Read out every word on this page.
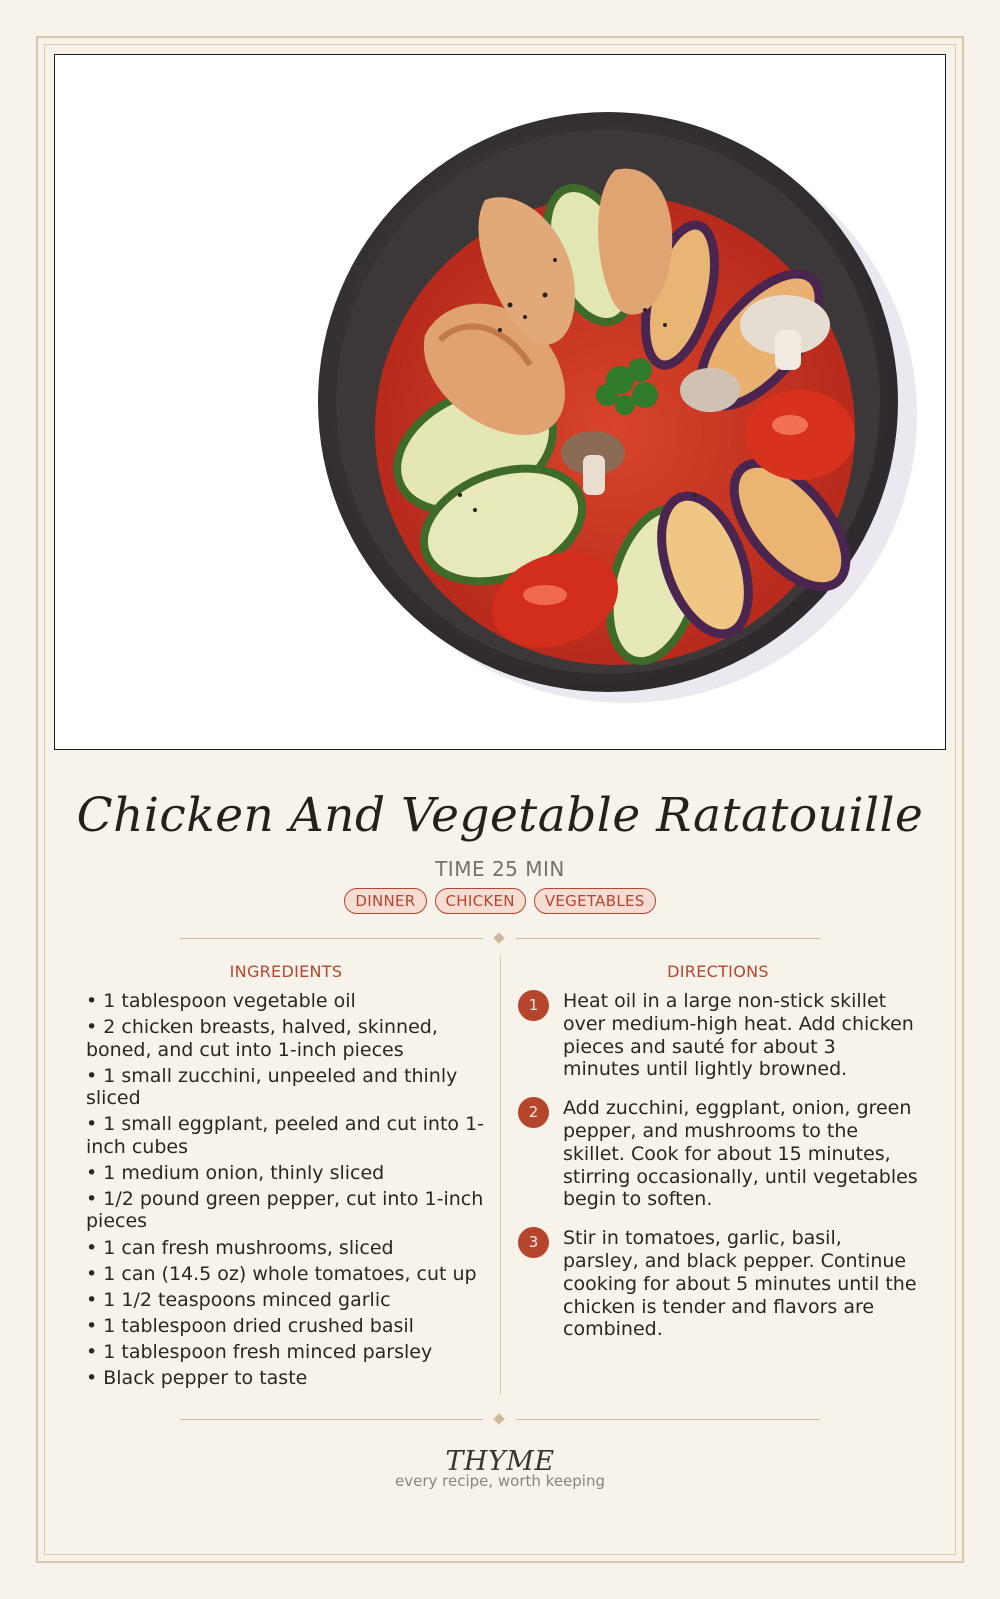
Chicken And Vegetable Ratatouille
TIME 25 MIN
DINNER	CHICKEN	VEGETABLES
INGREDIENTS	DIRECTIONS
• 1 tablespoon vegetable oil
• 2 chicken breasts, halved, skinned, boned, and cut into 1-inch pieces
• 1 small zucchini, unpeeled and thinly sliced
• 1 small eggplant, peeled and cut into 1-inch cubes
• 1 medium onion, thinly sliced
• 1/2 pound green pepper, cut into 1-inch pieces
• 1 can fresh mushrooms, sliced
• 1 can (14.5 oz) whole tomatoes, cut up
• 1 1/2 teaspoons minced garlic
• 1 tablespoon dried crushed basil
• 1 tablespoon fresh minced parsley
• Black pepper to taste
1	Heat oil in a large non-stick skillet over medium-high heat. Add chicken pieces and sauté for about 3 minutes until lightly browned.
2	Add zucchini, eggplant, onion, green pepper, and mushrooms to the skillet. Cook for about 15 minutes, stirring occasionally, until vegetables begin to soften.
3	Stir in tomatoes, garlic, basil, parsley, and black pepper. Continue cooking for about 5 minutes until the chicken is tender and flavors are combined.
THYME
every recipe, worth keeping
